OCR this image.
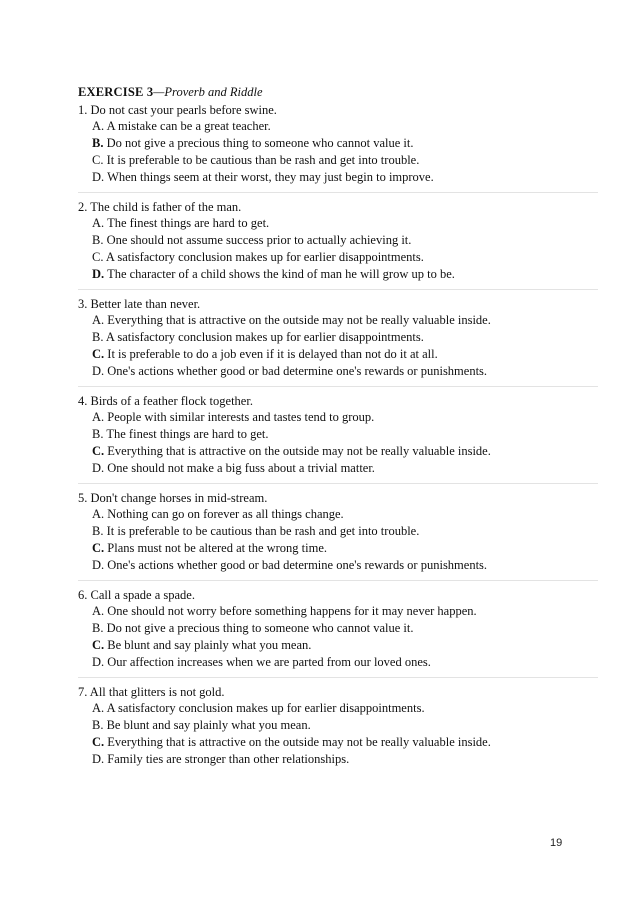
EXERCISE 3—Proverb and Riddle
1. Do not cast your pearls before swine.
A. A mistake can be a great teacher.
B. Do not give a precious thing to someone who cannot value it.
C. It is preferable to be cautious than be rash and get into trouble.
D. When things seem at their worst, they may just begin to improve.
2. The child is father of the man.
A. The finest things are hard to get.
B. One should not assume success prior to actually achieving it.
C. A satisfactory conclusion makes up for earlier disappointments.
D. The character of a child shows the kind of man he will grow up to be.
3. Better late than never.
A. Everything that is attractive on the outside may not be really valuable inside.
B. A satisfactory conclusion makes up for earlier disappointments.
C. It is preferable to do a job even if it is delayed than not do it at all.
D. One's actions whether good or bad determine one's rewards or punishments.
4. Birds of a feather flock together.
A. People with similar interests and tastes tend to group.
B. The finest things are hard to get.
C. Everything that is attractive on the outside may not be really valuable inside.
D. One should not make a big fuss about a trivial matter.
5. Don't change horses in mid-stream.
A. Nothing can go on forever as all things change.
B. It is preferable to be cautious than be rash and get into trouble.
C. Plans must not be altered at the wrong time.
D. One's actions whether good or bad determine one's rewards or punishments.
6. Call a spade a spade.
A. One should not worry before something happens for it may never happen.
B. Do not give a precious thing to someone who cannot value it.
C. Be blunt and say plainly what you mean.
D. Our affection increases when we are parted from our loved ones.
7. All that glitters is not gold.
A. A satisfactory conclusion makes up for earlier disappointments.
B. Be blunt and say plainly what you mean.
C. Everything that is attractive on the outside may not be really valuable inside.
D. Family ties are stronger than other relationships.
19
